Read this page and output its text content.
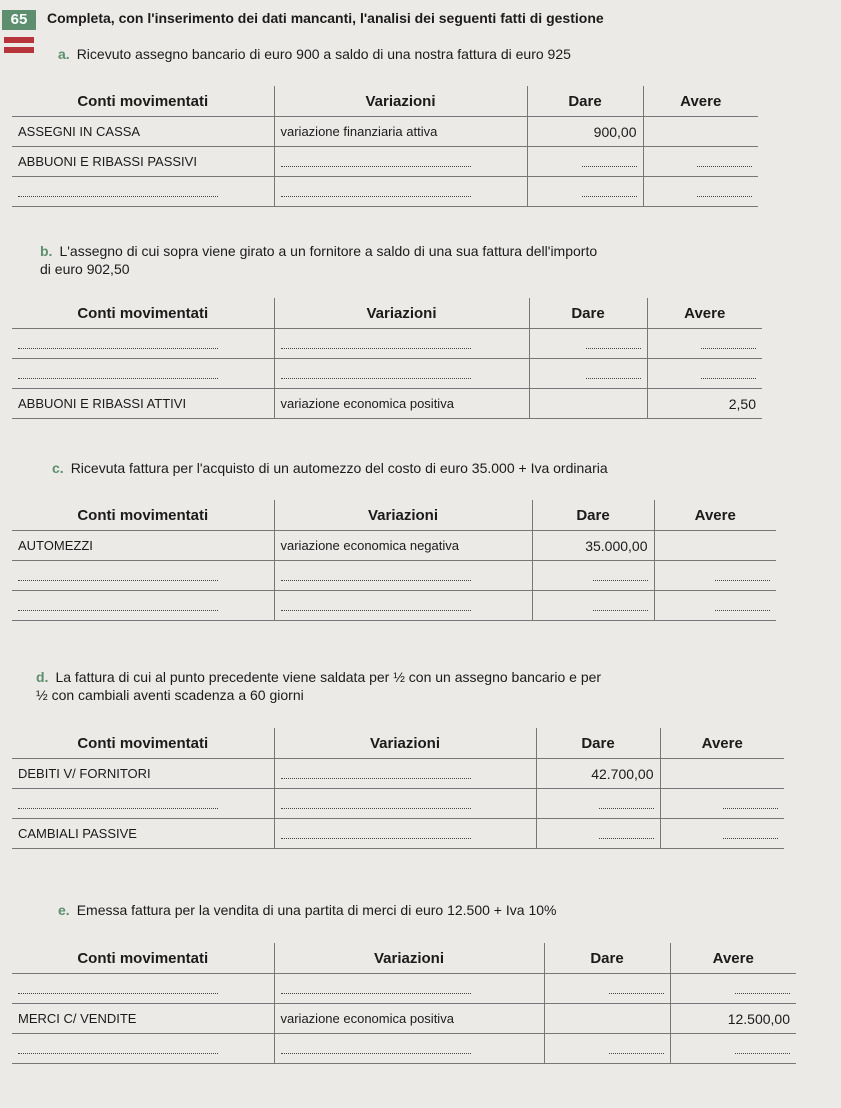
65	Completa, con l'inserimento dei dati mancanti, l'analisi dei seguenti fatti di gestione
a. Ricevuto assegno bancario di euro 900 a saldo di una nostra fattura di euro 925
Conti movimentati	Variazioni	Dare	Avere
ASSEGNI IN CASSA	variazione finanziaria attiva	900,00	
ABBUONI E RIBASSI PASSIVI			

b. L'assegno di cui sopra viene girato a un fornitore a saldo di una sua fattura dell'importo
di euro 902,50
Conti movimentati	Variazioni	Dare	Avere

ABBUONI E RIBASSI ATTIVI	variazione economica positiva		2,50
c. Ricevuta fattura per l'acquisto di un automezzo del costo di euro 35.000 + Iva ordinaria
Conti movimentati	Variazioni	Dare	Avere
AUTOMEZZI	variazione economica negativa	35.000,00	

d. La fattura di cui al punto precedente viene saldata per ½ con un assegno bancario e per
½ con cambiali aventi scadenza a 60 giorni
Conti movimentati	Variazioni	Dare	Avere
DEBITI V/ FORNITORI		42.700,00	

CAMBIALI PASSIVE			
e. Emessa fattura per la vendita di una partita di merci di euro 12.500 + Iva 10%
Conti movimentati	Variazioni	Dare	Avere

MERCI C/ VENDITE	variazione economica positiva		12.500,00
